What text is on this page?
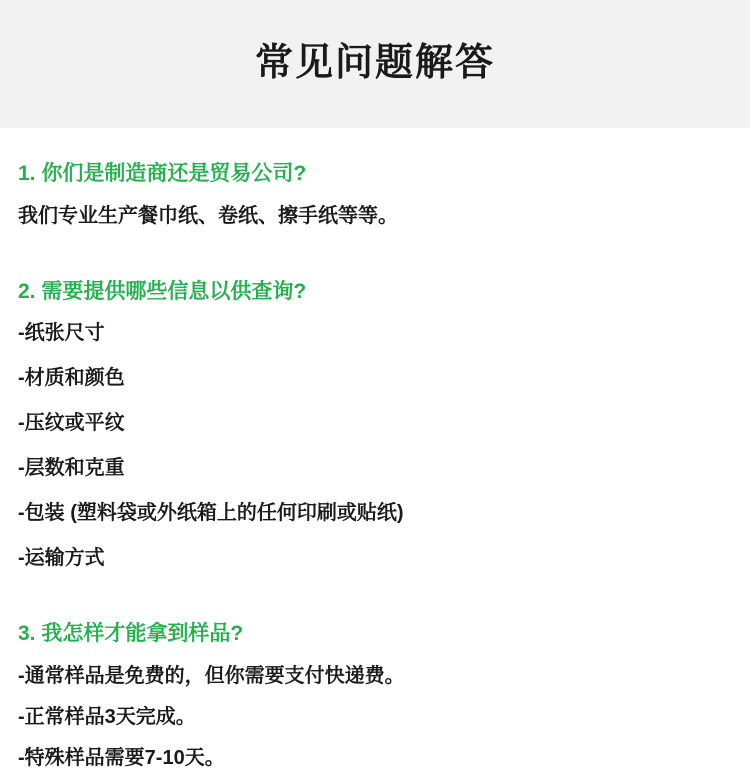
常见问题解答
1. 你们是制造商还是贸易公司?
我们专业生产餐巾纸、卷纸、擦手纸等等。
2. 需要提供哪些信息以供查询?
-纸张尺寸
-材质和颜色
-压纹或平纹
-层数和克重
-包装 (塑料袋或外纸箱上的任何印刷或贴纸)
-运输方式
3. 我怎样才能拿到样品?
-通常样品是免费的，但你需要支付快递费。
-正常样品3天完成。
-特殊样品需要7-10天。
